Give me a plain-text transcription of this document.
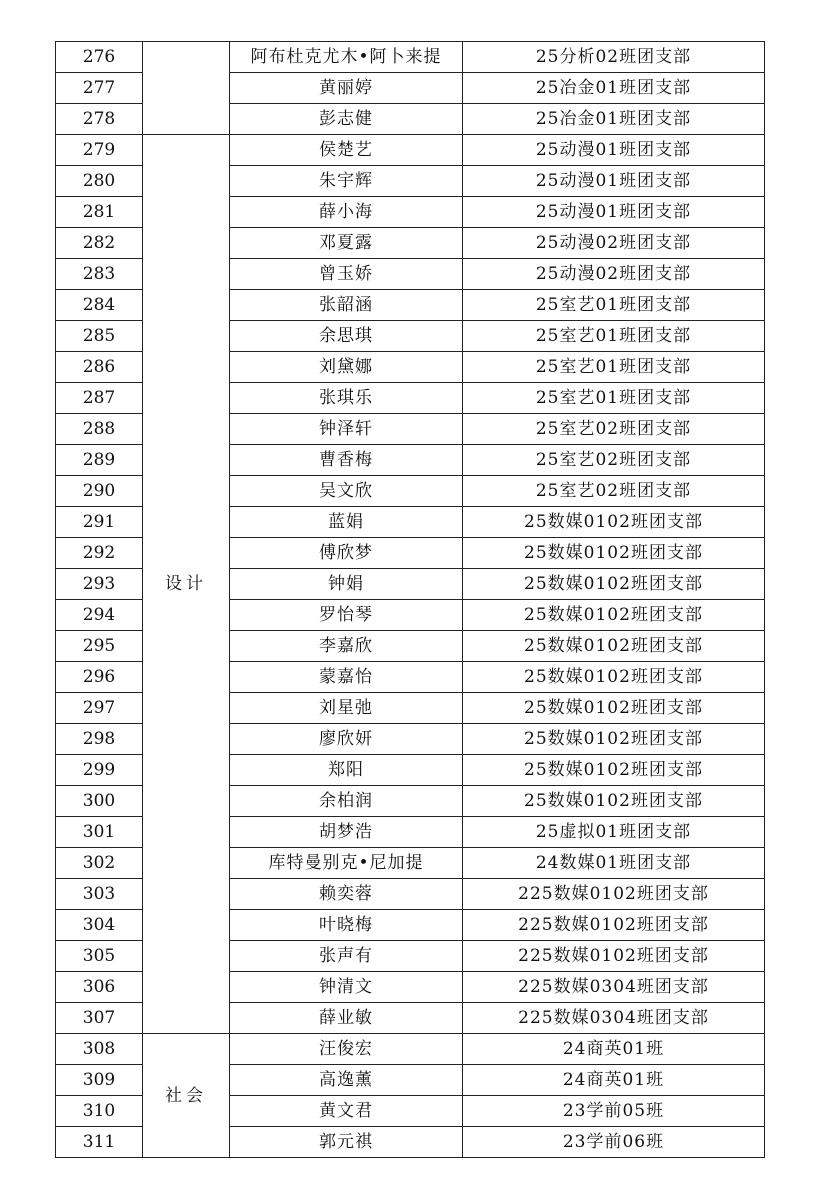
276		阿布杜克尤木•阿卜来提	25分析02班团支部
277		黄丽婷	25冶金01班团支部
278		彭志健	25冶金01班团支部
279	设计	侯楚艺	25动漫01班团支部
280		朱宇辉	25动漫01班团支部
281		薛小海	25动漫01班团支部
282		邓夏露	25动漫02班团支部
283		曾玉娇	25动漫02班团支部
284		张韶涵	25室艺01班团支部
285		余思琪	25室艺01班团支部
286		刘黛娜	25室艺01班团支部
287		张琪乐	25室艺01班团支部
288		钟泽轩	25室艺02班团支部
289		曹香梅	25室艺02班团支部
290		吴文欣	25室艺02班团支部
291		蓝娟	25数媒0102班团支部
292		傅欣梦	25数媒0102班团支部
293		钟娟	25数媒0102班团支部
294		罗怡琴	25数媒0102班团支部
295		李嘉欣	25数媒0102班团支部
296		蒙嘉怡	25数媒0102班团支部
297		刘星弛	25数媒0102班团支部
298		廖欣妍	25数媒0102班团支部
299		郑阳	25数媒0102班团支部
300		余柏润	25数媒0102班团支部
301		胡梦浩	25虚拟01班团支部
302		库特曼别克•尼加提	24数媒01班团支部
303		赖奕蓉	225数媒0102班团支部
304		叶晓梅	225数媒0102班团支部
305		张声有	225数媒0102班团支部
306		钟清文	225数媒0304班团支部
307		薛业敏	225数媒0304班团支部
308	社会	汪俊宏	24商英01班
309		高逸薰	24商英01班
310		黄文君	23学前05班
311		郭元祺	23学前06班
